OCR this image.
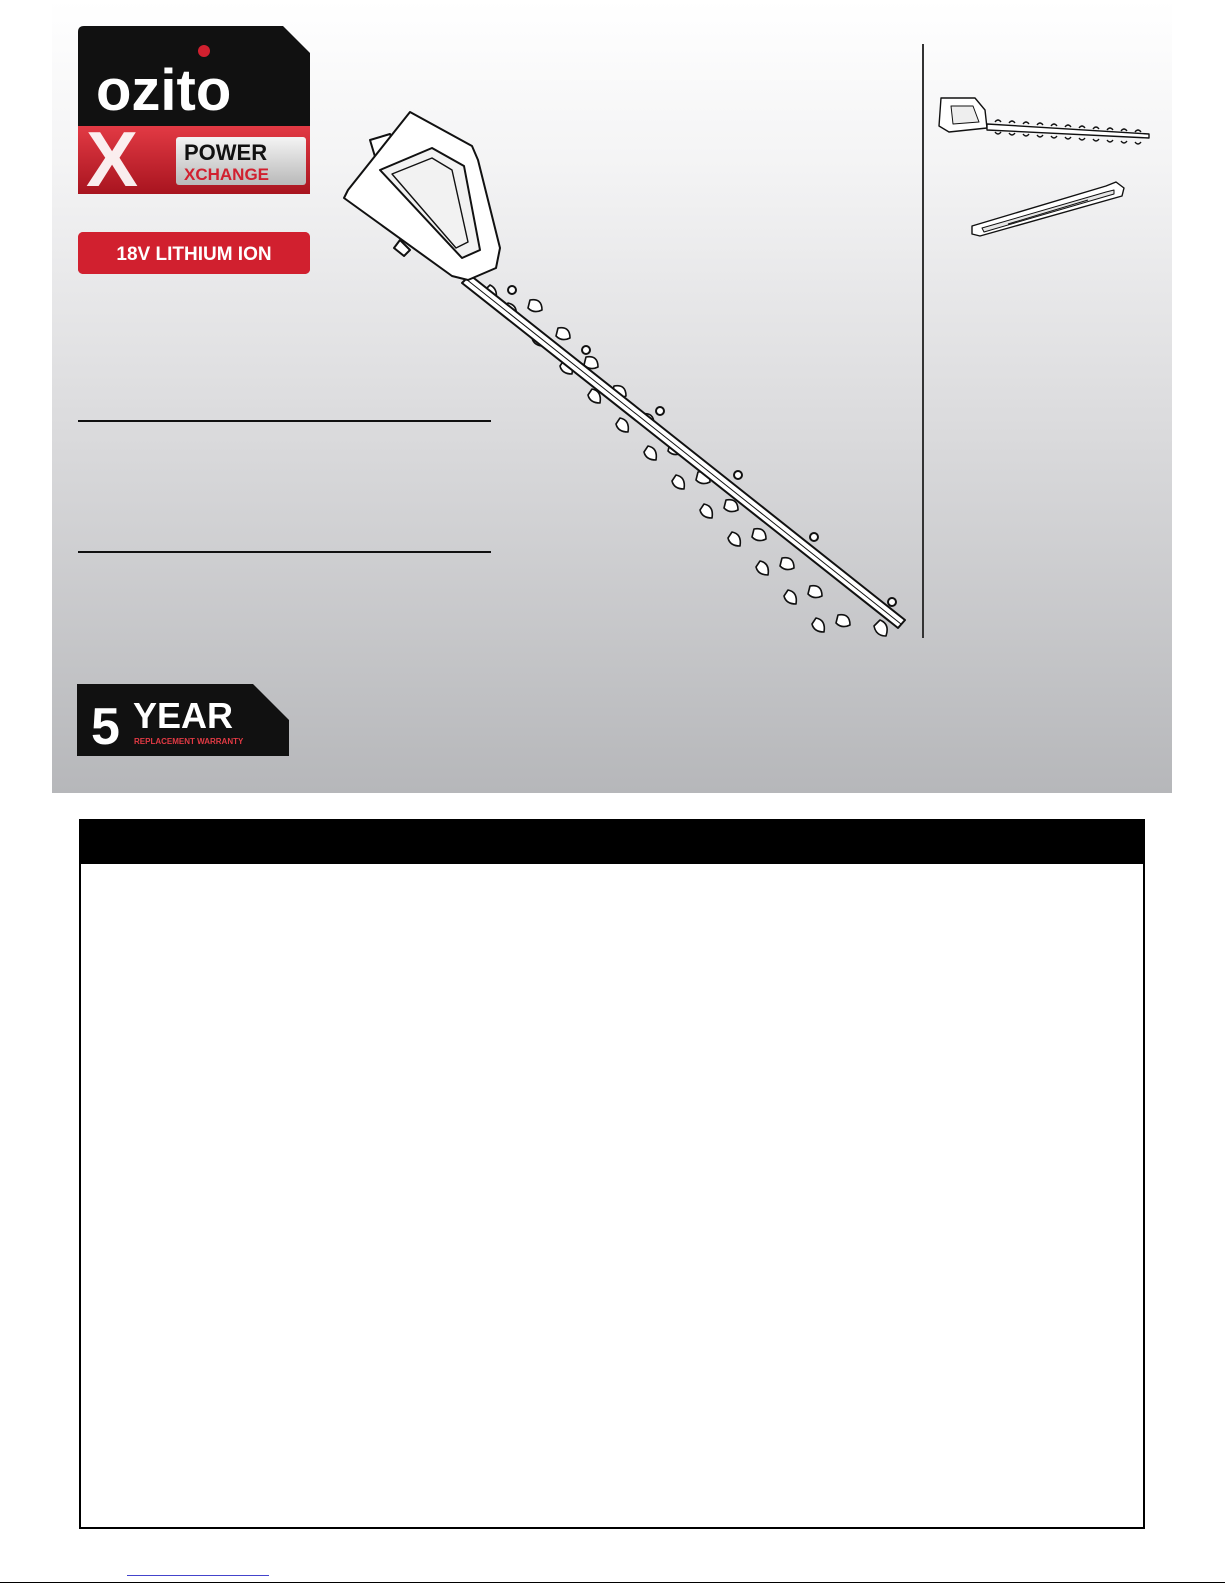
ozito
X POWER
XCHANGE
18V LITHIUM ION
5 YEAR
REPLACEMENT WARRANTY
